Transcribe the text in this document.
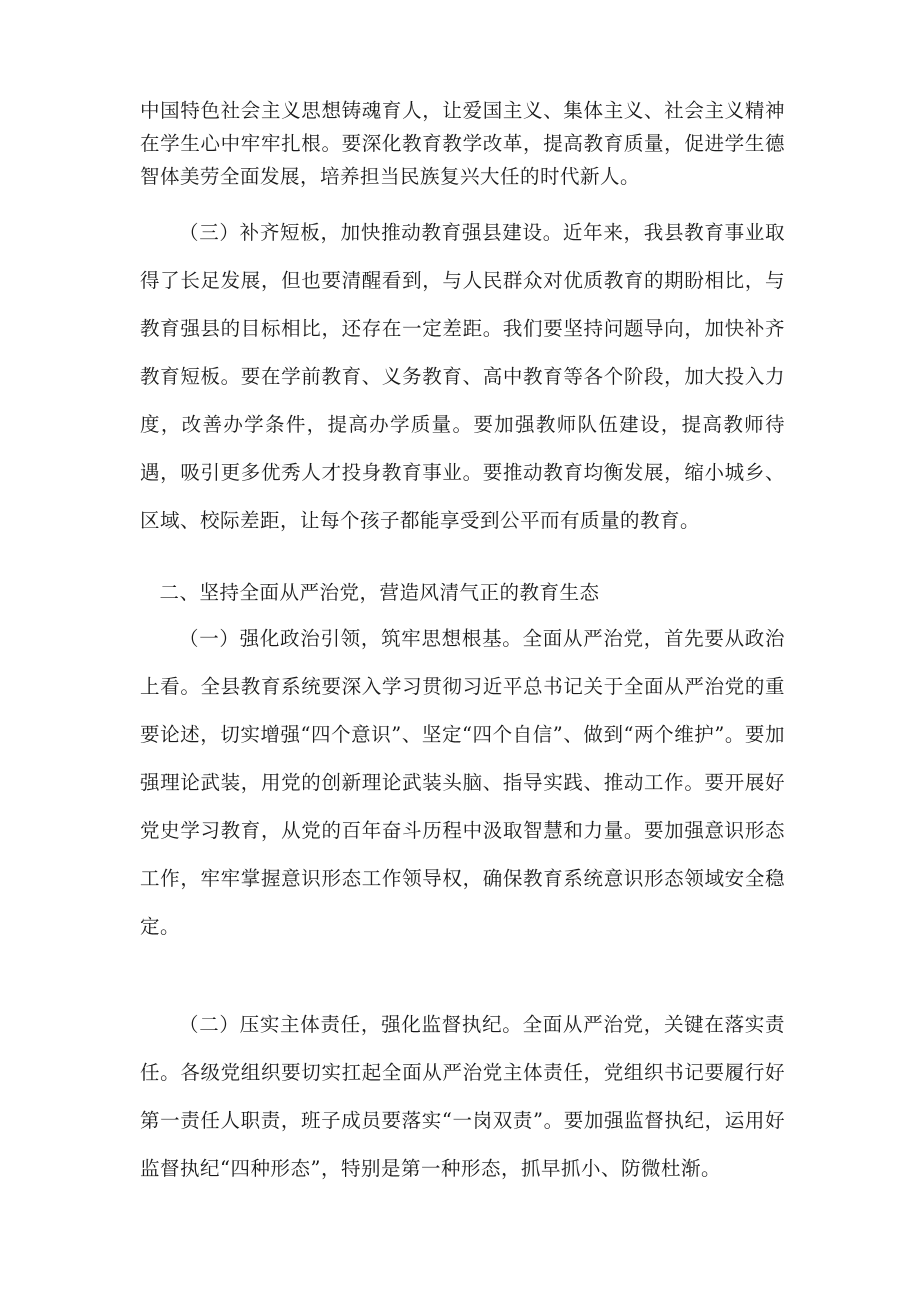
中国特色社会主义思想铸魂育人，让爱国主义、集体主义、社会主义精神在学生心中牢牢扎根。要深化教育教学改革，提高教育质量，促进学生德智体美劳全面发展，培养担当民族复兴大任的时代新人。

（三）补齐短板，加快推动教育强县建设。近年来，我县教育事业取得了长足发展，但也要清醒看到，与人民群众对优质教育的期盼相比，与教育强县的目标相比，还存在一定差距。我们要坚持问题导向，加快补齐教育短板。要在学前教育、义务教育、高中教育等各个阶段，加大投入力度，改善办学条件，提高办学质量。要加强教师队伍建设，提高教师待遇，吸引更多优秀人才投身教育事业。要推动教育均衡发展，缩小城乡、区域、校际差距，让每个孩子都能享受到公平而有质量的教育。

二、坚持全面从严治党，营造风清气正的教育生态

（一）强化政治引领，筑牢思想根基。全面从严治党，首先要从政治上看。全县教育系统要深入学习贯彻习近平总书记关于全面从严治党的重要论述，切实增强“四个意识”、坚定“四个自信”、做到“两个维护”。要加强理论武装，用党的创新理论武装头脑、指导实践、推动工作。要开展好党史学习教育，从党的百年奋斗历程中汲取智慧和力量。要加强意识形态工作，牢牢掌握意识形态工作领导权，确保教育系统意识形态领域安全稳定。

（二）压实主体责任，强化监督执纪。全面从严治党，关键在落实责任。各级党组织要切实扛起全面从严治党主体责任，党组织书记要履行好第一责任人职责，班子成员要落实“一岗双责”。要加强监督执纪，运用好监督执纪“四种形态”，特别是第一种形态，抓早抓小、防微杜渐。
